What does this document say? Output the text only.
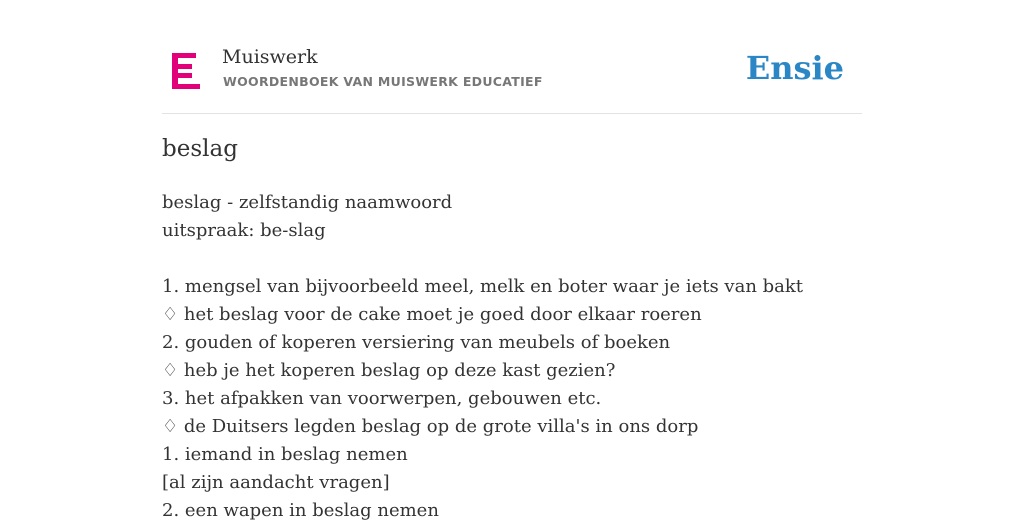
Muiswerk
WOORDENBOEK VAN MUISWERK EDUCATIEF	Ensie
beslag
beslag - zelfstandig naamwoord
uitspraak: be-slag
1. mengsel van bijvoorbeeld meel, melk en boter waar je iets van bakt
♢ het beslag voor de cake moet je goed door elkaar roeren
2. gouden of koperen versiering van meubels of boeken
♢ heb je het koperen beslag op deze kast gezien?
3. het afpakken van voorwerpen, gebouwen etc.
♢ de Duitsers legden beslag op de grote villa's in ons dorp
1. iemand in beslag nemen
[al zijn aandacht vragen]
2. een wapen in beslag nemen
